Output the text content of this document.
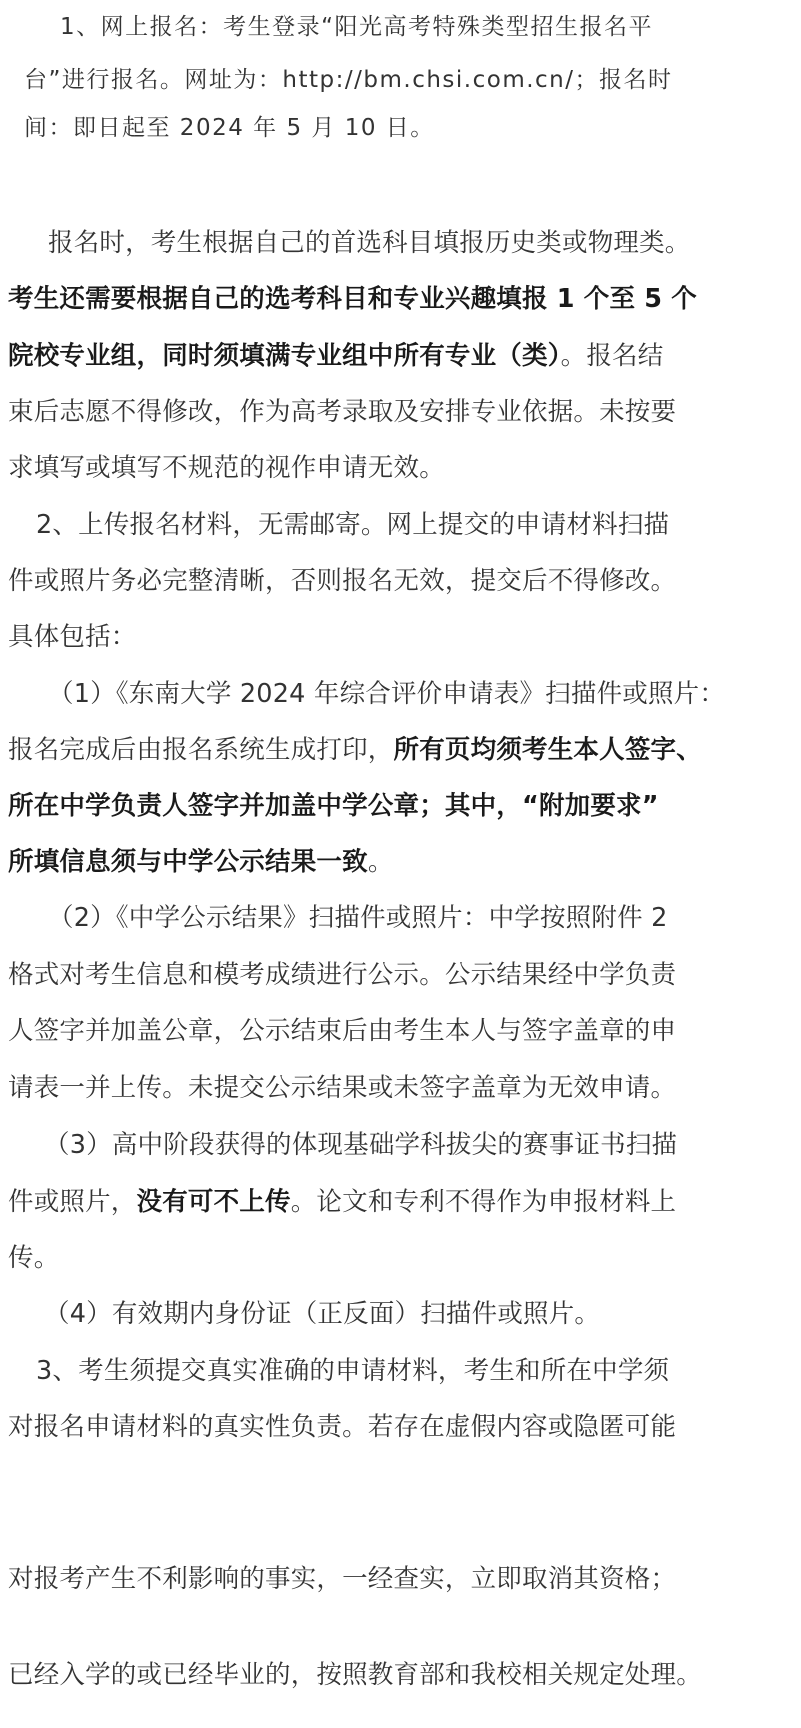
1、网上报名：考生登录“阳光高考特殊类型招生报名平
台”进行报名。网址为：http://bm.chsi.com.cn/；报名时
间：即日起至 2024 年 5 月 10 日。
报名时，考生根据自己的首选科目填报历史类或物理类。
考生还需要根据自己的选考科目和专业兴趣填报 1 个至 5 个
院校专业组，同时须填满专业组中所有专业（类）。报名结
束后志愿不得修改，作为高考录取及安排专业依据。未按要
求填写或填写不规范的视作申请无效。
2、上传报名材料，无需邮寄。网上提交的申请材料扫描
件或照片务必完整清晰，否则报名无效，提交后不得修改。
具体包括：
（1）《东南大学 2024 年综合评价申请表》扫描件或照片：
报名完成后由报名系统生成打印，所有页均须考生本人签字、
所在中学负责人签字并加盖中学公章；其中，“附加要求”
所填信息须与中学公示结果一致。
（2）《中学公示结果》扫描件或照片：中学按照附件 2
格式对考生信息和模考成绩进行公示。公示结果经中学负责
人签字并加盖公章，公示结束后由考生本人与签字盖章的申
请表一并上传。未提交公示结果或未签字盖章为无效申请。
（3）高中阶段获得的体现基础学科拔尖的赛事证书扫描
件或照片，没有可不上传。论文和专利不得作为申报材料上
传。
（4）有效期内身份证（正反面）扫描件或照片。
3、考生须提交真实准确的申请材料，考生和所在中学须
对报名申请材料的真实性负责。若存在虚假内容或隐匿可能
对报考产生不利影响的事实，一经查实，立即取消其资格；
已经入学的或已经毕业的，按照教育部和我校相关规定处理。
